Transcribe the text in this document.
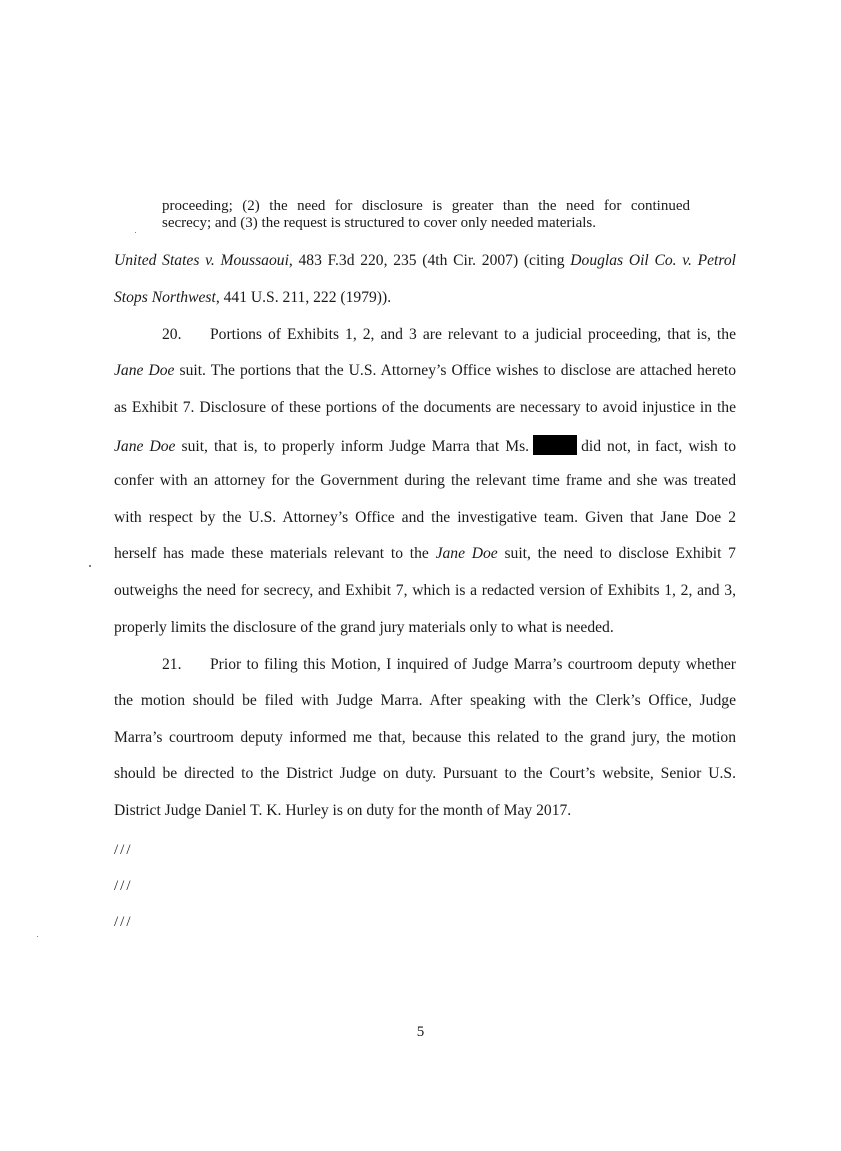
proceeding; (2) the need for disclosure is greater than the need for continued
secrecy; and (3) the request is structured to cover only needed materials.
United States v. Moussaoui, 483 F.3d 220, 235 (4th Cir. 2007) (citing Douglas Oil Co. v. Petrol
Stops Northwest, 441 U.S. 211, 222 (1979)).
20. Portions of Exhibits 1, 2, and 3 are relevant to a judicial proceeding, that is, the
Jane Doe suit. The portions that the U.S. Attorney’s Office wishes to disclose are attached hereto
as Exhibit 7. Disclosure of these portions of the documents are necessary to avoid injustice in the
Jane Doe suit, that is, to properly inform Judge Marra that Ms.	did not, in fact, wish to
confer with an attorney for the Government during the relevant time frame and she was treated
with respect by the U.S. Attorney’s Office and the investigative team. Given that Jane Doe 2
herself has made these materials relevant to the Jane Doe suit, the need to disclose Exhibit 7
outweighs the need for secrecy, and Exhibit 7, which is a redacted version of Exhibits 1, 2, and 3,
properly limits the disclosure of the grand jury materials only to what is needed.
21. Prior to filing this Motion, I inquired of Judge Marra’s courtroom deputy whether
the motion should be filed with Judge Marra. After speaking with the Clerk’s Office, Judge
Marra’s courtroom deputy informed me that, because this related to the grand jury, the motion
should be directed to the District Judge on duty. Pursuant to the Court’s website, Senior U.S.
District Judge Daniel T. K. Hurley is on duty for the month of May 2017.
///
///
///
5
